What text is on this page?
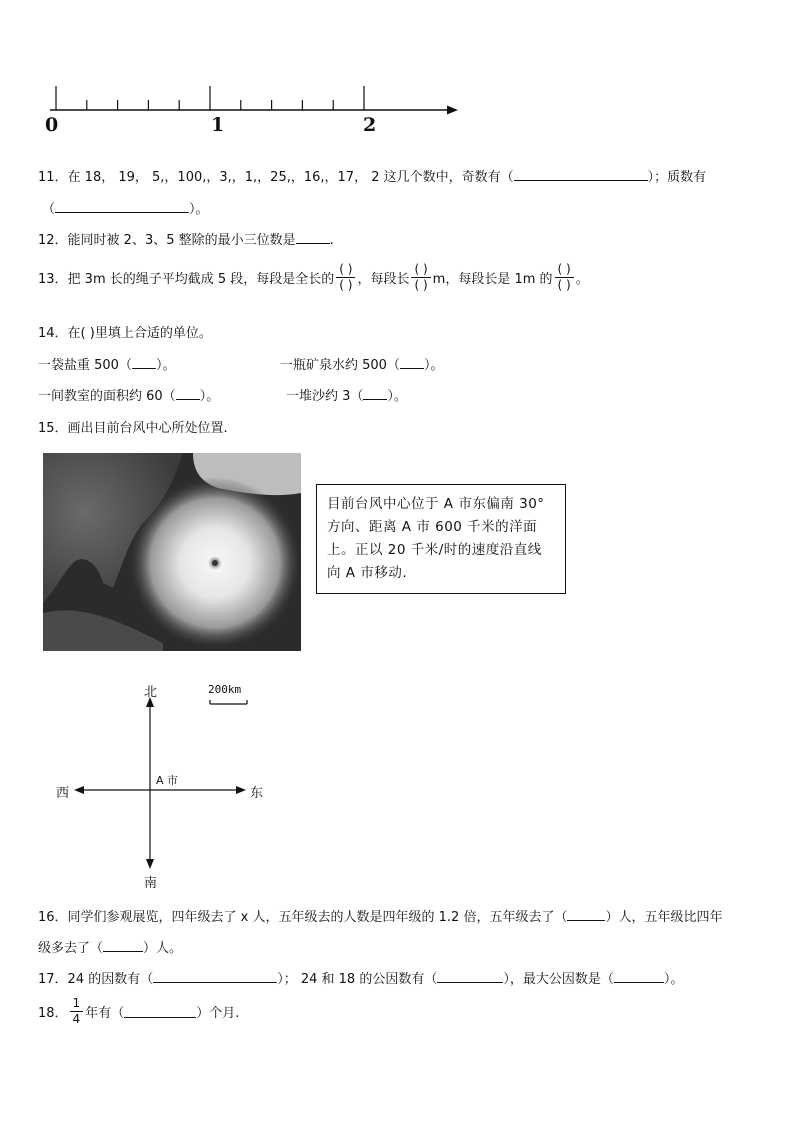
0	1	2
11．在 18， 19， 5,，100,，3,，1,，25,，16,，17， 2 这几个数中，奇数有（	）；质数有
（	）。
12．能同时被 2、3、5 整除的最小三位数是	.
13．把 3m 长的绳子平均截成 5 段，每段是全长的 $\frac{( )}{( )}$ ，每段长 $\frac{( )}{( )}$ m，每段长是 1m 的 $\frac{( )}{( )}$ 。
14．在( )里填上合适的单位。
一袋盐重 500（ ）。	一瓶矿泉水约 500（ ）。
一间教室的面积约 60（ ）。	一堆沙约 3（ ）。
15．画出目前台风中心所处位置.
目前台风中心位于 A 市东偏南 30° 方向、距离 A 市 600 千米的洋面上。正以 20 千米/时的速度沿直线向 A 市移动.
北
南
西	东
A 市
200km
16．同学们参观展览，四年级去了 x 人，五年级去的人数是四年级的 1.2 倍，五年级去了（	）人，五年级比四年
级多去了（	）人。
17．24 的因数有（	）； 24 和 18 的公因数有（	），最大公因数是（	）。
18． $\frac{1}{4}$ 年有（	）个月.
